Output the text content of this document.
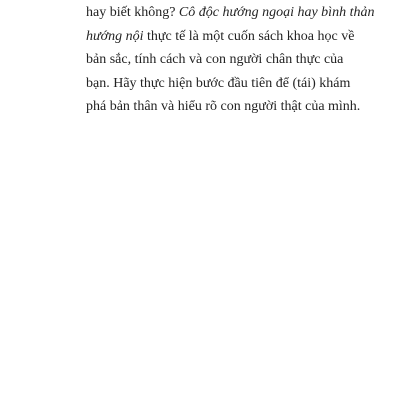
hay biết không? Cô độc hướng ngoại hay bình thản
hướng nội thực tế là một cuốn sách khoa học về
bản sắc, tính cách và con người chân thực của
bạn. Hãy thực hiện bước đầu tiên để (tái) khám
phá bản thân và hiểu rõ con người thật của mình.
